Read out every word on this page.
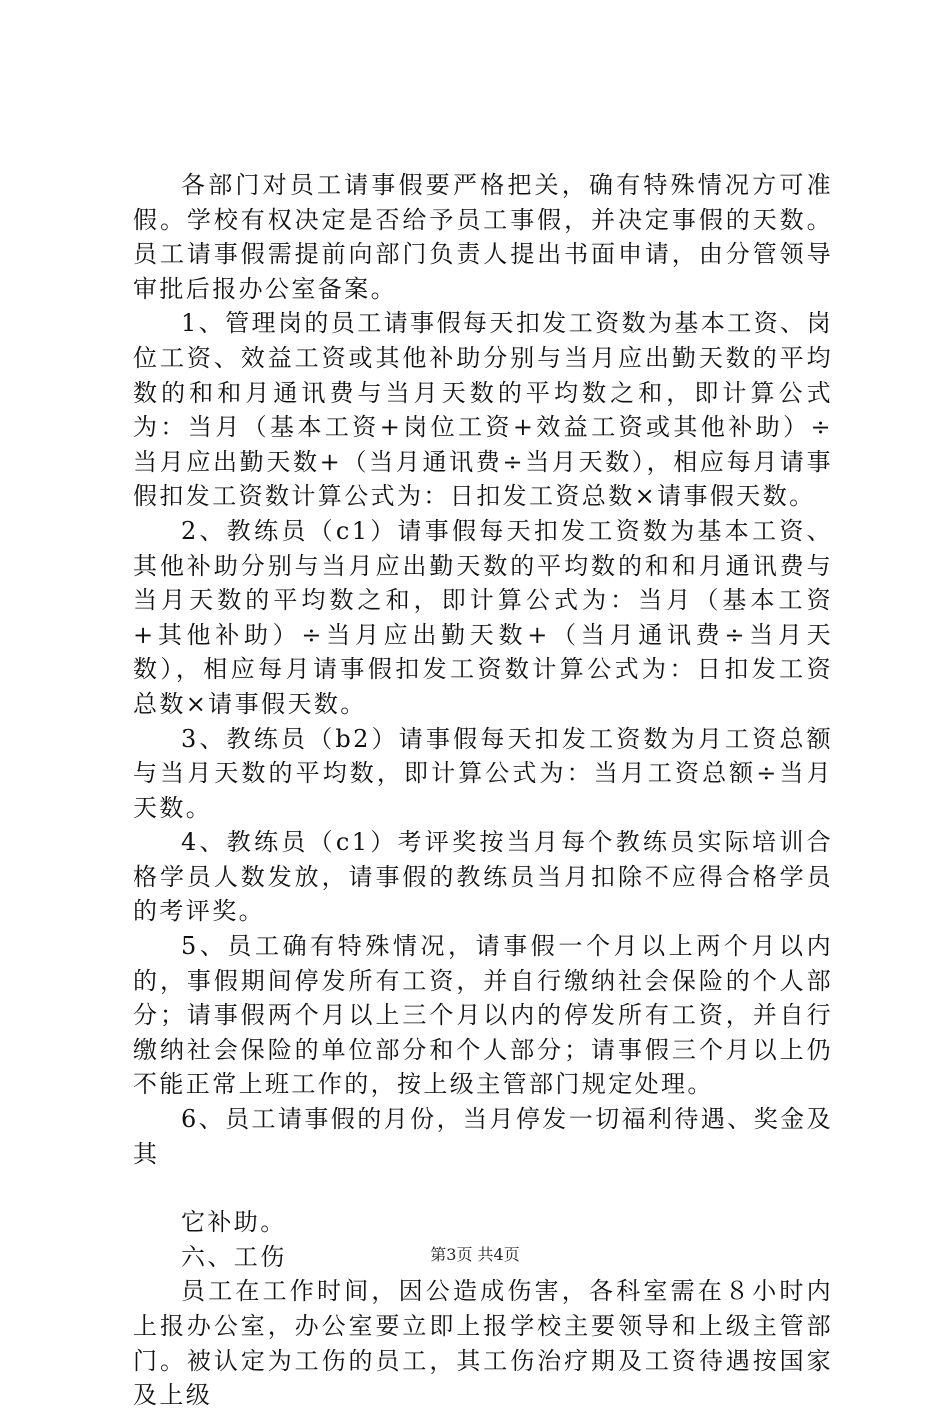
各部门对员工请事假要严格把关，确有特殊情况方可准假。学校有权决定是否给予员工事假，并决定事假的天数。员工请事假需提前向部门负责人提出书面申请，由分管领导审批后报办公室备案。

1、管理岗的员工请事假每天扣发工资数为基本工资、岗位工资、效益工资或其他补助分别与当月应出勤天数的平均数的和和月通讯费与当月天数的平均数之和，即计算公式为：当月（基本工资+岗位工资+效益工资或其他补助）÷当月应出勤天数+（当月通讯费÷当月天数），相应每月请事假扣发工资数计算公式为：日扣发工资总数×请事假天数。

2、教练员（c1）请事假每天扣发工资数为基本工资、其他补助分别与当月应出勤天数的平均数的和和月通讯费与当月天数的平均数之和，即计算公式为：当月（基本工资+其他补助）÷当月应出勤天数+（当月通讯费÷当月天数），相应每月请事假扣发工资数计算公式为：日扣发工资总数×请事假天数。

3、教练员（b2）请事假每天扣发工资数为月工资总额与当月天数的平均数，即计算公式为：当月工资总额÷当月天数。

4、教练员（c1）考评奖按当月每个教练员实际培训合格学员人数发放，请事假的教练员当月扣除不应得合格学员的考评奖。

5、员工确有特殊情况，请事假一个月以上两个月以内的，事假期间停发所有工资，并自行缴纳社会保险的个人部分；请事假两个月以上三个月以内的停发所有工资，并自行缴纳社会保险的单位部分和个人部分；请事假三个月以上仍不能正常上班工作的，按上级主管部门规定处理。

6、员工请事假的月份，当月停发一切福利待遇、奖金及其

它补助。

六、工伤

员工在工作时间，因公造成伤害，各科室需在８小时内上报办公室，办公室要立即上报学校主要领导和上级主管部门。被认定为工伤的员工，其工伤治疗期及工资待遇按国家及上级

第3页 共4页
